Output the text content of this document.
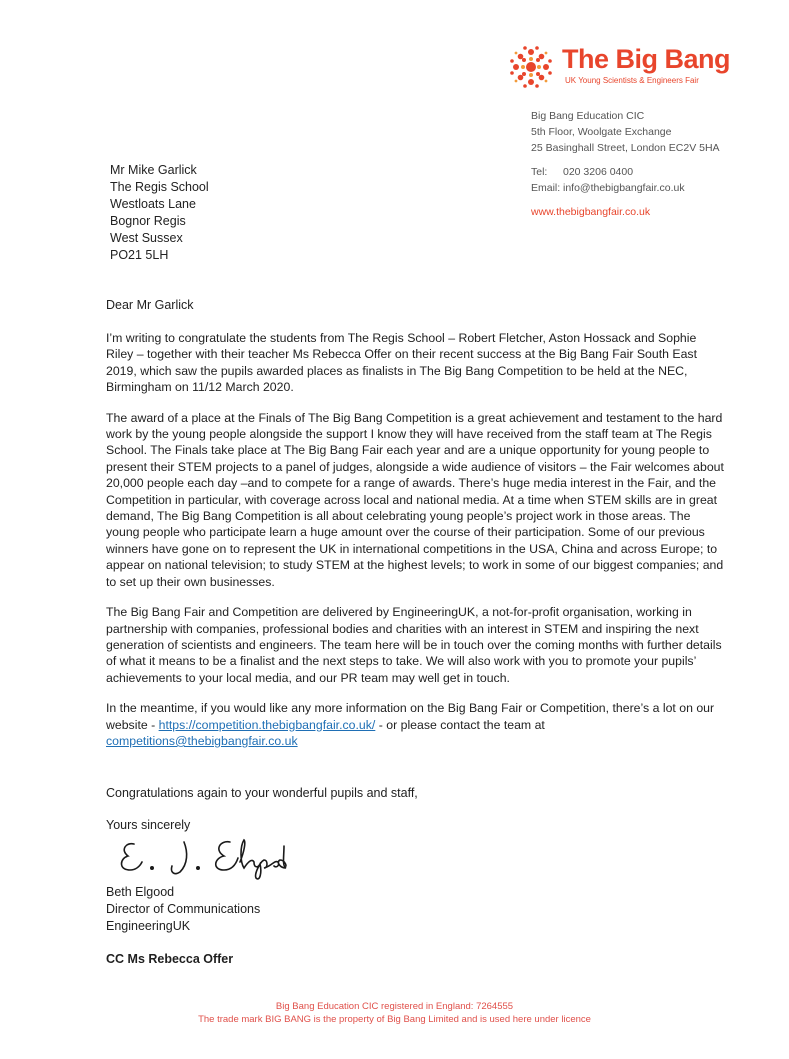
The Big Bang
UK Young Scientists & Engineers Fair
Big Bang Education CIC
5th Floor, Woolgate Exchange
25 Basinghall Street, London EC2V 5HA
Tel:	020 3206 0400
Email: info@thebigbangfair.co.uk
www.thebigbangfair.co.uk
Mr Mike Garlick
The Regis School
Westloats Lane
Bognor Regis
West Sussex
PO21 5LH
Dear Mr Garlick

I’m writing to congratulate the students from The Regis School – Robert Fletcher, Aston Hossack and Sophie Riley – together with their teacher Ms Rebecca Offer on their recent success at the Big Bang Fair South East 2019, which saw the pupils awarded places as finalists in The Big Bang Competition to be held at the NEC, Birmingham on 11/12 March 2020.

The award of a place at the Finals of The Big Bang Competition is a great achievement and testament to the hard work by the young people alongside the support I know they will have received from the staff team at The Regis School. The Finals take place at The Big Bang Fair each year and are a unique opportunity for young people to present their STEM projects to a panel of judges, alongside a wide audience of visitors – the Fair welcomes about 20,000 people each day –and to compete for a range of awards. There’s huge media interest in the Fair, and the Competition in particular, with coverage across local and national media. At a time when STEM skills are in great demand, The Big Bang Competition is all about celebrating young people’s project work in those areas. The young people who participate learn a huge amount over the course of their participation. Some of our previous winners have gone on to represent the UK in international competitions in the USA, China and across Europe; to appear on national television; to study STEM at the highest levels; to work in some of our biggest companies; and to set up their own businesses.

The Big Bang Fair and Competition are delivered by EngineeringUK, a not-for-profit organisation, working in partnership with companies, professional bodies and charities with an interest in STEM and inspiring the next generation of scientists and engineers. The team here will be in touch over the coming months with further details of what it means to be a finalist and the next steps to take. We will also work with you to promote your pupils’ achievements to your local media, and our PR team may well get in touch.

In the meantime, if you would like any more information on the Big Bang Fair or Competition, there’s a lot on our website - https://competition.thebigbangfair.co.uk/ - or please contact the team at competitions@thebigbangfair.co.uk

Congratulations again to your wonderful pupils and staff,
Yours sincerely
Beth Elgood
Director of Communications
EngineeringUK
CC Ms Rebecca Offer
Big Bang Education CIC registered in England: 7264555
The trade mark BIG BANG is the property of Big Bang Limited and is used here under licence
